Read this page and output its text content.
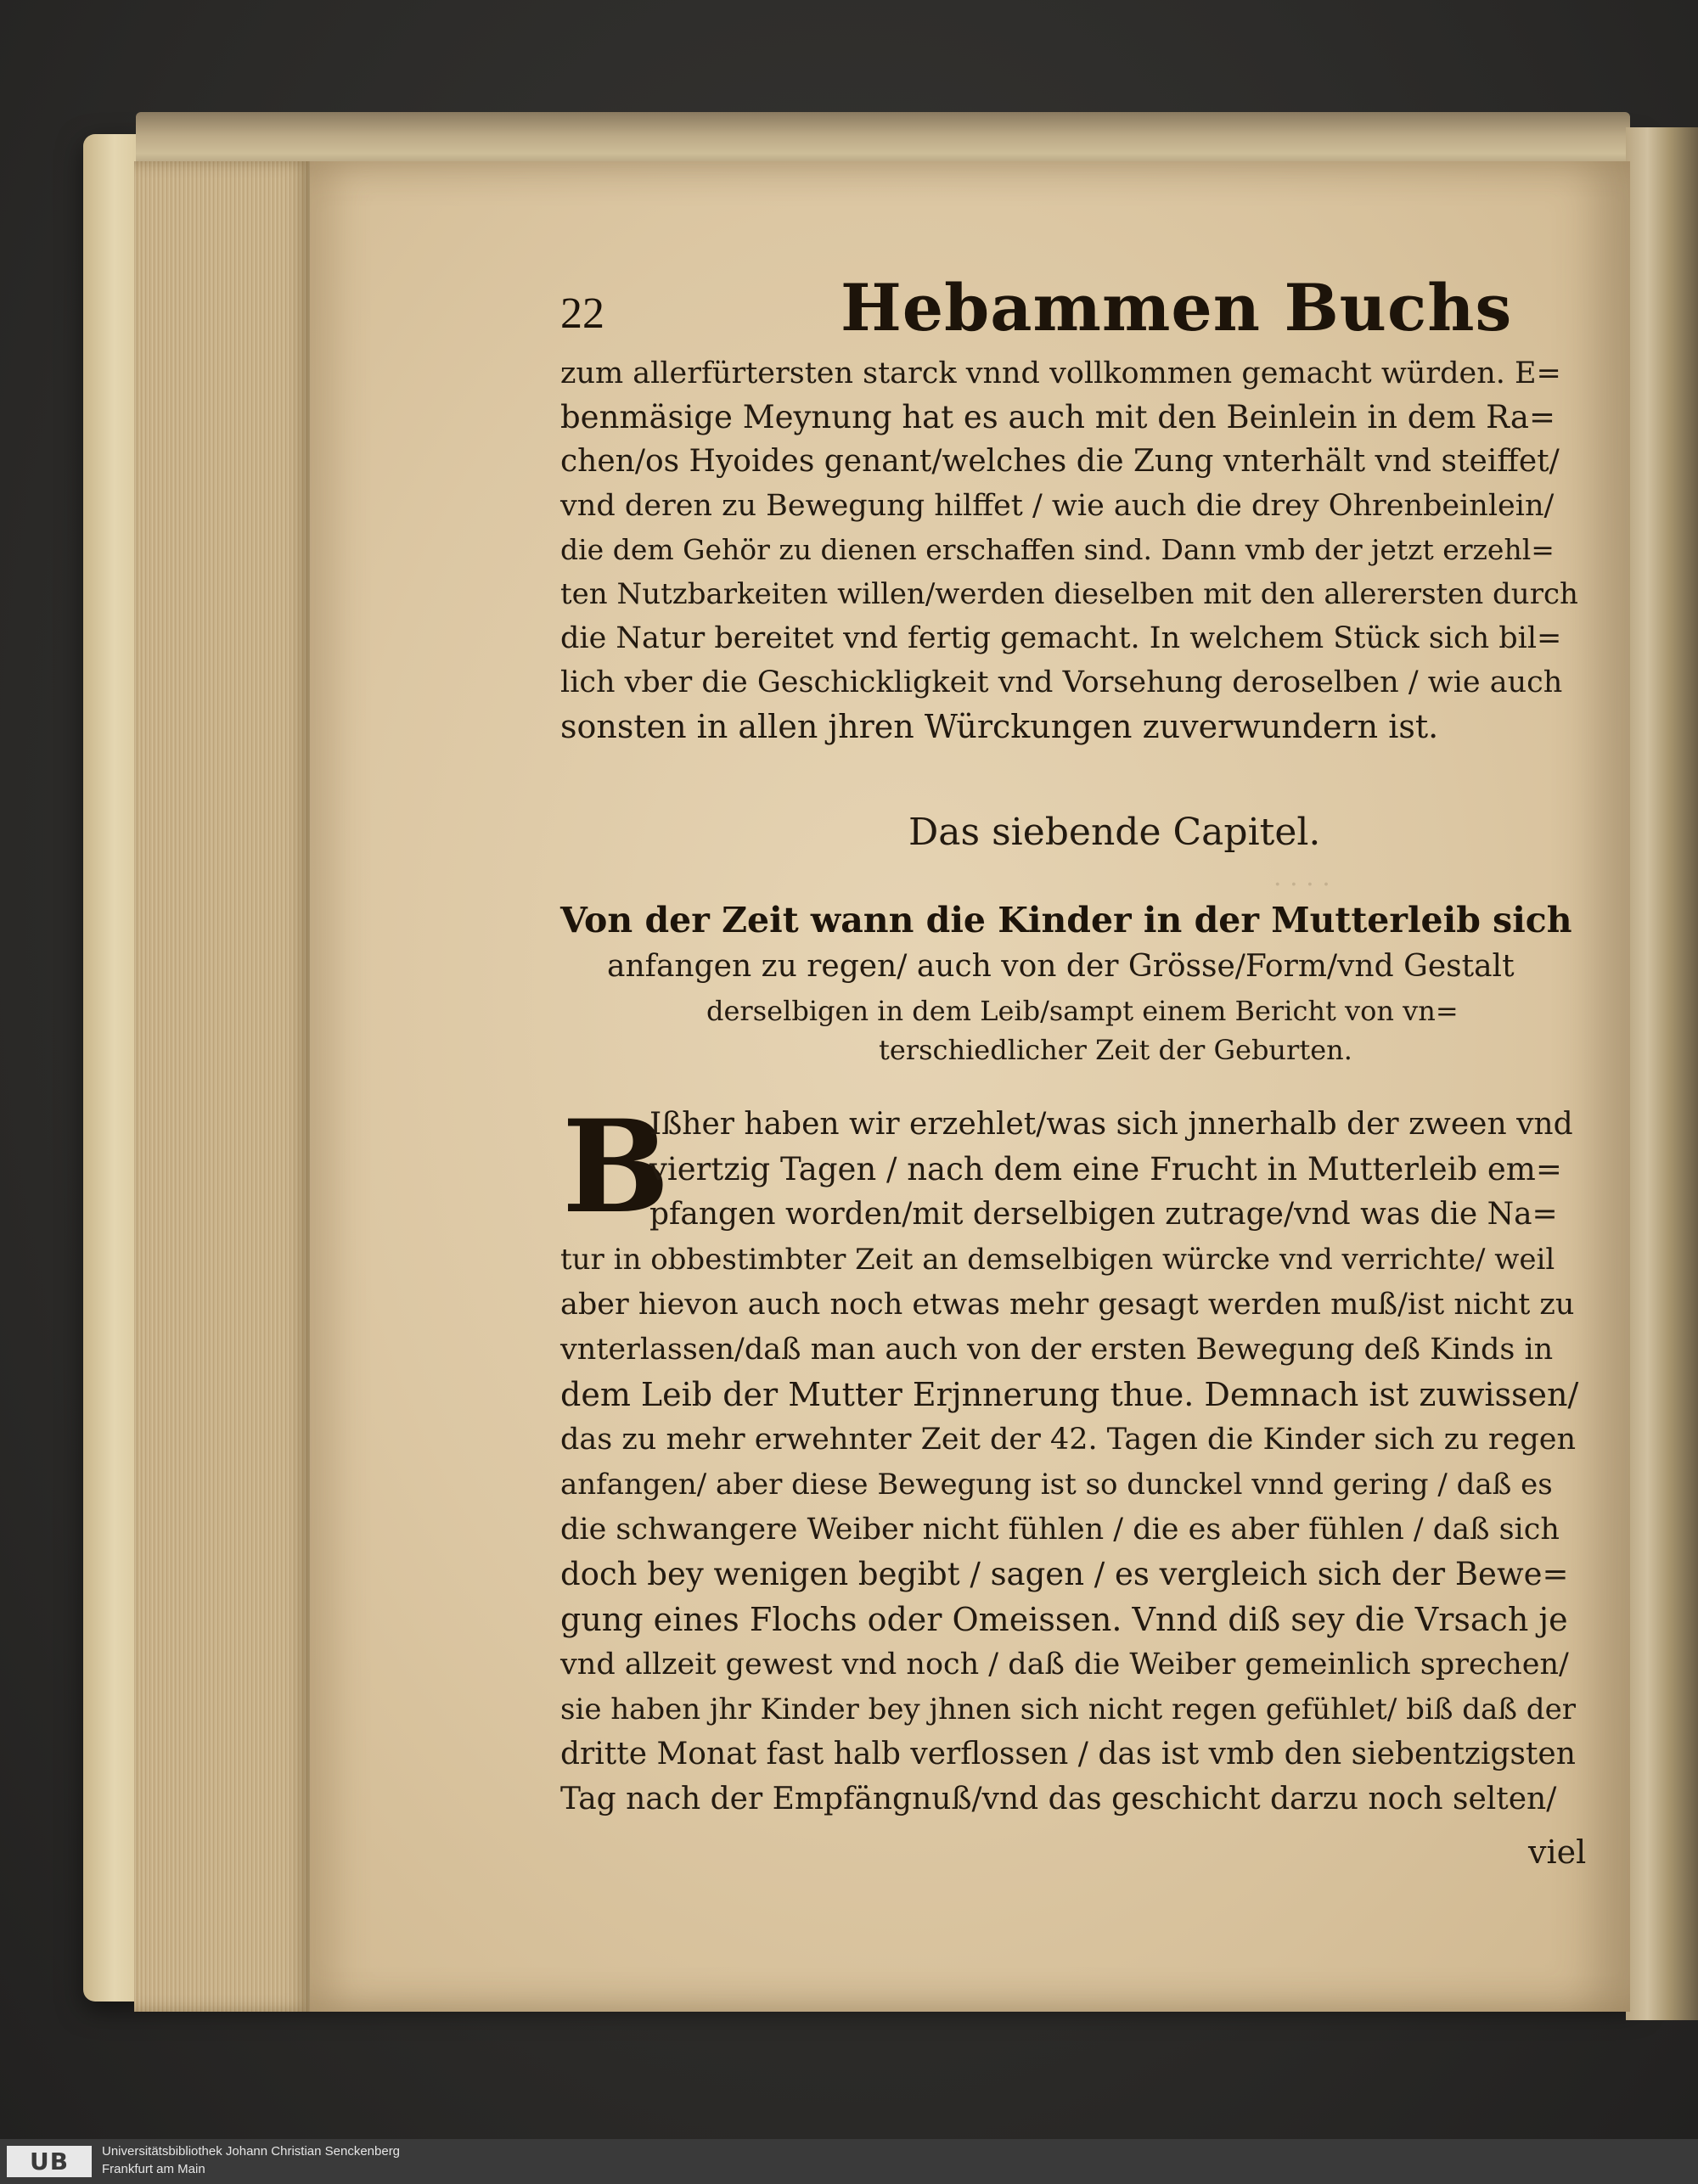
· · · ·
22	Hebammen Buchs
zum allerfürtersten starck vnnd vollkommen gemacht würden. E=
benmäsige Meynung hat es auch mit den Beinlein in dem Ra=
chen/os Hyoides genant/welches die Zung vnterhält vnd steiffet/
vnd deren zu Bewegung hilffet / wie auch die drey Ohrenbeinlein/
die dem Gehör zu dienen erschaffen sind. Dann vmb der jetzt erzehl=
ten Nutzbarkeiten willen/werden dieselben mit den allerersten durch
die Natur bereitet vnd fertig gemacht. In welchem Stück sich bil=
lich vber die Geschickligkeit vnd Vorsehung deroselben / wie auch
sonsten in allen jhren Würckungen zuverwundern ist.
Das siebende Capitel.
Von der Zeit wann die Kinder in der Mutterleib sich
anfangen zu regen/ auch von der Grösse/Form/vnd Gestalt
derselbigen in dem Leib/sampt einem Bericht von vn=
terschiedlicher Zeit der Geburten.
B
Ißher haben wir erzehlet/was sich jnnerhalb der zween vnd
viertzig Tagen / nach dem eine Frucht in Mutterleib em=
pfangen worden/mit derselbigen zutrage/vnd was die Na=
tur in obbestimbter Zeit an demselbigen würcke vnd verrichte/ weil
aber hievon auch noch etwas mehr gesagt werden muß/ist nicht zu
vnterlassen/daß man auch von der ersten Bewegung deß Kinds in
dem Leib der Mutter Erjnnerung thue. Demnach ist zuwissen/
das zu mehr erwehnter Zeit der 42. Tagen die Kinder sich zu regen
anfangen/ aber diese Bewegung ist so dunckel vnnd gering / daß es
die schwangere Weiber nicht fühlen / die es aber fühlen / daß sich
doch bey wenigen begibt / sagen / es vergleich sich der Bewe=
gung eines Flochs oder Omeissen. Vnnd diß sey die Vrsach je
vnd allzeit gewest vnd noch / daß die Weiber gemeinlich sprechen/
sie haben jhr Kinder bey jhnen sich nicht regen gefühlet/ biß daß der
dritte Monat fast halb verflossen / das ist vmb den siebentzigsten
Tag nach der Empfängnuß/vnd das geschicht darzu noch selten/
viel
UB	Universitätsbibliothek Johann Christian Senckenberg
Frankfurt am Main
